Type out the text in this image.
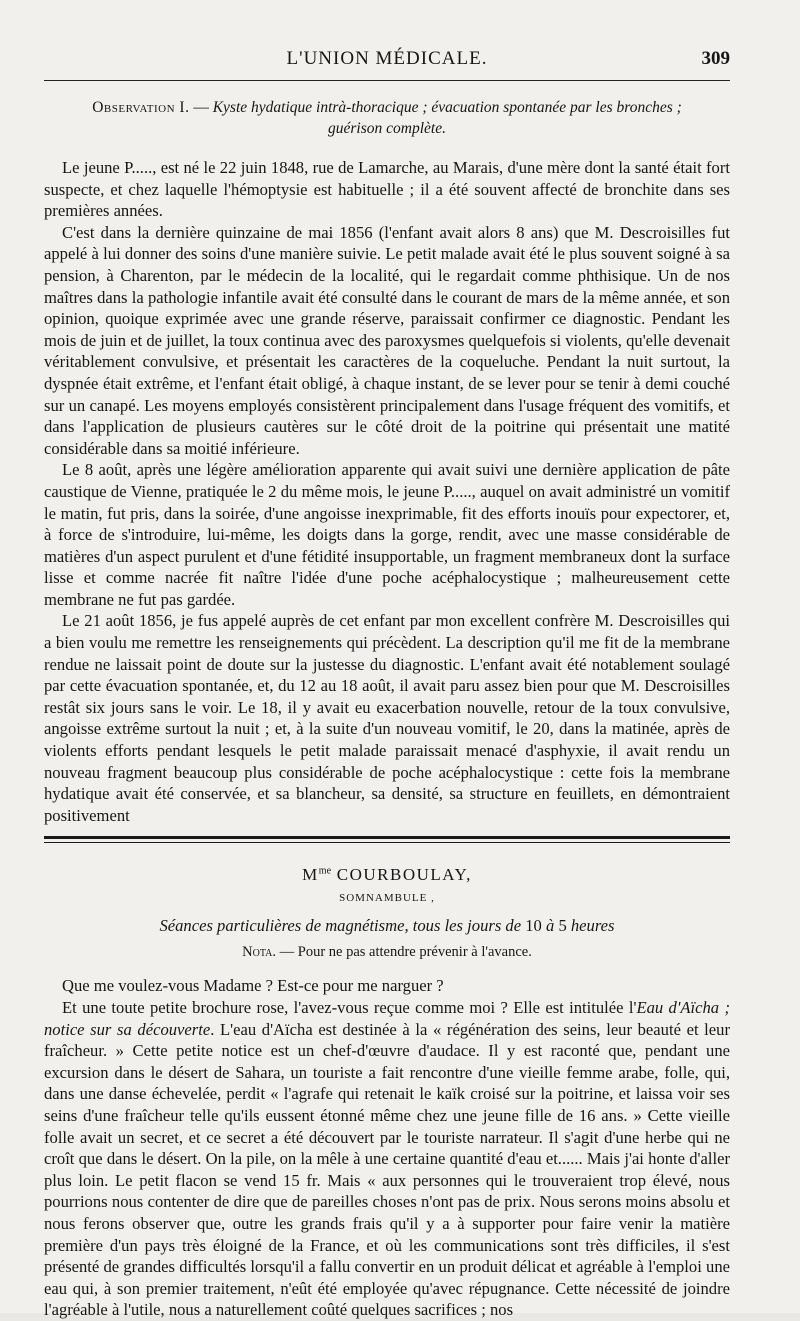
L'UNION MÉDICALE.	309
Observation I. — Kyste hydatique intrà-thoracique ; évacuation spontanée par les bronches ;
guérison complète.

Le jeune P....., est né le 22 juin 1848, rue de Lamarche, au Marais, d'une mère dont la santé était fort suspecte, et chez laquelle l'hémoptysie est habituelle ; il a été souvent affecté de bronchite dans ses premières années.

C'est dans la dernière quinzaine de mai 1856 (l'enfant avait alors 8 ans) que M. Descroisilles fut appelé à lui donner des soins d'une manière suivie. Le petit malade avait été le plus souvent soigné à sa pension, à Charenton, par le médecin de la localité, qui le regardait comme phthisique. Un de nos maîtres dans la pathologie infantile avait été consulté dans le courant de mars de la même année, et son opinion, quoique exprimée avec une grande réserve, paraissait confirmer ce diagnostic. Pendant les mois de juin et de juillet, la toux continua avec des paroxysmes quelquefois si violents, qu'elle devenait véritablement convulsive, et présentait les caractères de la coqueluche. Pendant la nuit surtout, la dyspnée était extrême, et l'enfant était obligé, à chaque instant, de se lever pour se tenir à demi couché sur un canapé. Les moyens employés consistèrent principalement dans l'usage fréquent des vomitifs, et dans l'application de plusieurs cautères sur le côté droit de la poitrine qui présentait une matité considérable dans sa moitié inférieure.

Le 8 août, après une légère amélioration apparente qui avait suivi une dernière application de pâte caustique de Vienne, pratiquée le 2 du même mois, le jeune P....., auquel on avait administré un vomitif le matin, fut pris, dans la soirée, d'une angoisse inexprimable, fit des efforts inouïs pour expectorer, et, à force de s'introduire, lui-même, les doigts dans la gorge, rendit, avec une masse considérable de matières d'un aspect purulent et d'une fétidité insupportable, un fragment membraneux dont la surface lisse et comme nacrée fit naître l'idée d'une poche acéphalocystique ; malheureusement cette membrane ne fut pas gardée.

Le 21 août 1856, je fus appelé auprès de cet enfant par mon excellent confrère M. Descroisilles qui a bien voulu me remettre les renseignements qui précèdent. La description qu'il me fit de la membrane rendue ne laissait point de doute sur la justesse du diagnostic. L'enfant avait été notablement soulagé par cette évacuation spontanée, et, du 12 au 18 août, il avait paru assez bien pour que M. Descroisilles restât six jours sans le voir. Le 18, il y avait eu exacerbation nouvelle, retour de la toux convulsive, angoisse extrême surtout la nuit ; et, à la suite d'un nouveau vomitif, le 20, dans la matinée, après de violents efforts pendant lesquels le petit malade paraissait menacé d'asphyxie, il avait rendu un nouveau fragment beaucoup plus considérable de poche acéphalocystique : cette fois la membrane hydatique avait été conservée, et sa blancheur, sa densité, sa structure en feuillets, en démontraient positivement

$M^{me}$ COURBOULAY,
SOMNAMBULE ,
Séances particulières de magnétisme, tous les jours de 10 à 5 heures
Nota. — Pour ne pas attendre prévenir à l'avance.

Que me voulez-vous Madame ? Est-ce pour me narguer ?

Et une toute petite brochure rose, l'avez-vous reçue comme moi ? Elle est intitulée l'Eau d'Aïcha ; notice sur sa découverte. L'eau d'Aïcha est destinée à la « régénération des seins, leur beauté et leur fraîcheur. » Cette petite notice est un chef-d'œuvre d'audace. Il y est raconté que, pendant une excursion dans le désert de Sahara, un touriste a fait rencontre d'une vieille femme arabe, folle, qui, dans une danse échevelée, perdit « l'agrafe qui retenait le kaïk croisé sur la poitrine, et laissa voir ses seins d'une fraîcheur telle qu'ils eussent étonné même chez une jeune fille de 16 ans. » Cette vieille folle avait un secret, et ce secret a été découvert par le touriste narrateur. Il s'agit d'une herbe qui ne croît que dans le désert. On la pile, on la mêle à une certaine quantité d'eau et...... Mais j'ai honte d'aller plus loin. Le petit flacon se vend 15 fr. Mais « aux personnes qui le trouveraient trop élevé, nous pourrions nous contenter de dire que de pareilles choses n'ont pas de prix. Nous serons moins absolu et nous ferons observer que, outre les grands frais qu'il y a à supporter pour faire venir la matière première d'un pays très éloigné de la France, et où les communications sont très difficiles, il s'est présenté de grandes difficultés lorsqu'il a fallu convertir en un produit délicat et agréable à l'emploi une eau qui, à son premier traitement, n'eût été employée qu'avec répugnance. Cette nécessité de joindre l'agréable à l'utile, nous a naturellement coûté quelques sacrifices ; nos
